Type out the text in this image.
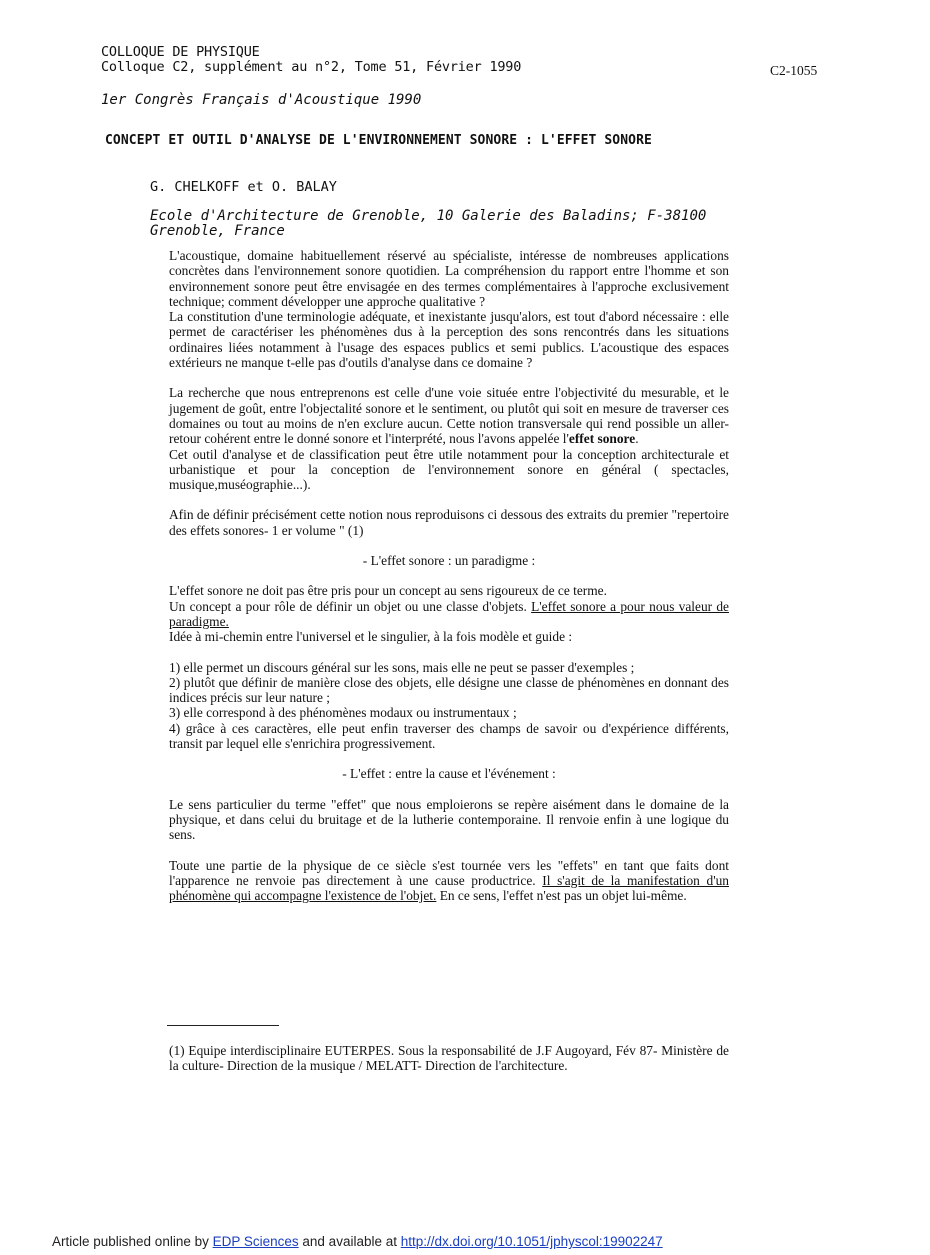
COLLOQUE DE PHYSIQUE
Colloque C2, supplément au n°2, Tome 51, Février 1990	C2-1055
1er Congrès Français d'Acoustique 1990
CONCEPT ET OUTIL D'ANALYSE DE L'ENVIRONNEMENT SONORE : L'EFFET SONORE
G. CHELKOFF et O. BALAY
Ecole d'Architecture de Grenoble, 10 Galerie des Baladins; F-38100 Grenoble, France

L'acoustique, domaine habituellement réservé au spécialiste, intéresse de nombreuses applications concrètes dans l'environnement sonore quotidien. La compréhension du rapport entre l'homme et son environnement sonore peut être envisagée en des termes complémentaires à l'approche exclusivement technique; comment développer une approche qualitative ?

La constitution d'une terminologie adéquate, et inexistante jusqu'alors, est tout d'abord nécessaire : elle permet de caractériser les phénomènes dus à la perception des sons rencontrés dans les situations ordinaires liées notamment à l'usage des espaces publics et semi publics. L'acoustique des espaces extérieurs ne manque t-elle pas d'outils d'analyse dans ce domaine ?

La recherche que nous entreprenons est celle d'une voie située entre l'objectivité du mesurable, et le jugement de goût, entre l'objectalité sonore et le sentiment, ou plutôt qui soit en mesure de traverser ces domaines ou tout au moins de n'en exclure aucun. Cette notion transversale qui rend possible un aller-retour cohérent entre le donné sonore et l'interprété, nous l'avons appelée l'effet sonore.

Cet outil d'analyse et de classification peut être utile notamment pour la conception architecturale et urbanistique et pour la conception de l'environnement sonore en général ( spectacles, musique,muséographie...).

Afin de définir précisément cette notion nous reproduisons ci dessous des extraits du premier "repertoire des effets sonores- 1 er volume " (1)

- L'effet sonore : un paradigme :

L'effet sonore ne doit pas être pris pour un concept au sens rigoureux de ce terme.

Un concept a pour rôle de définir un objet ou une classe d'objets. L'effet sonore a pour nous valeur de paradigme.

Idée à mi-chemin entre l'universel et le singulier, à la fois modèle et guide :

1) elle permet un discours général sur les sons, mais elle ne peut se passer d'exemples ;

2) plutôt que définir de manière close des objets, elle désigne une classe de phénomènes en donnant des indices précis sur leur nature ;

3) elle correspond à des phénomènes modaux ou instrumentaux ;

4) grâce à ces caractères, elle peut enfin traverser des champs de savoir ou d'expérience différents, transit par lequel elle s'enrichira progressivement.

- L'effet : entre la cause et l'événement :

Le sens particulier du terme "effet" que nous emploierons se repère aisément dans le domaine de la physique, et dans celui du bruitage et de la lutherie contemporaine. Il renvoie enfin à une logique du sens.

Toute une partie de la physique de ce siècle s'est tournée vers les "effets" en tant que faits dont l'apparence ne renvoie pas directement à une cause productrice. Il s'agit de la manifestation d'un phénomène qui accompagne l'existence de l'objet. En ce sens, l'effet n'est pas un objet lui-même.

(1) Equipe interdisciplinaire EUTERPES. Sous la responsabilité de J.F Augoyard, Fév 87- Ministère de la culture- Direction de la musique / MELATT- Direction de l'architecture.

Article published online by EDP Sciences and available at http://dx.doi.org/10.1051/jphyscol:19902247
